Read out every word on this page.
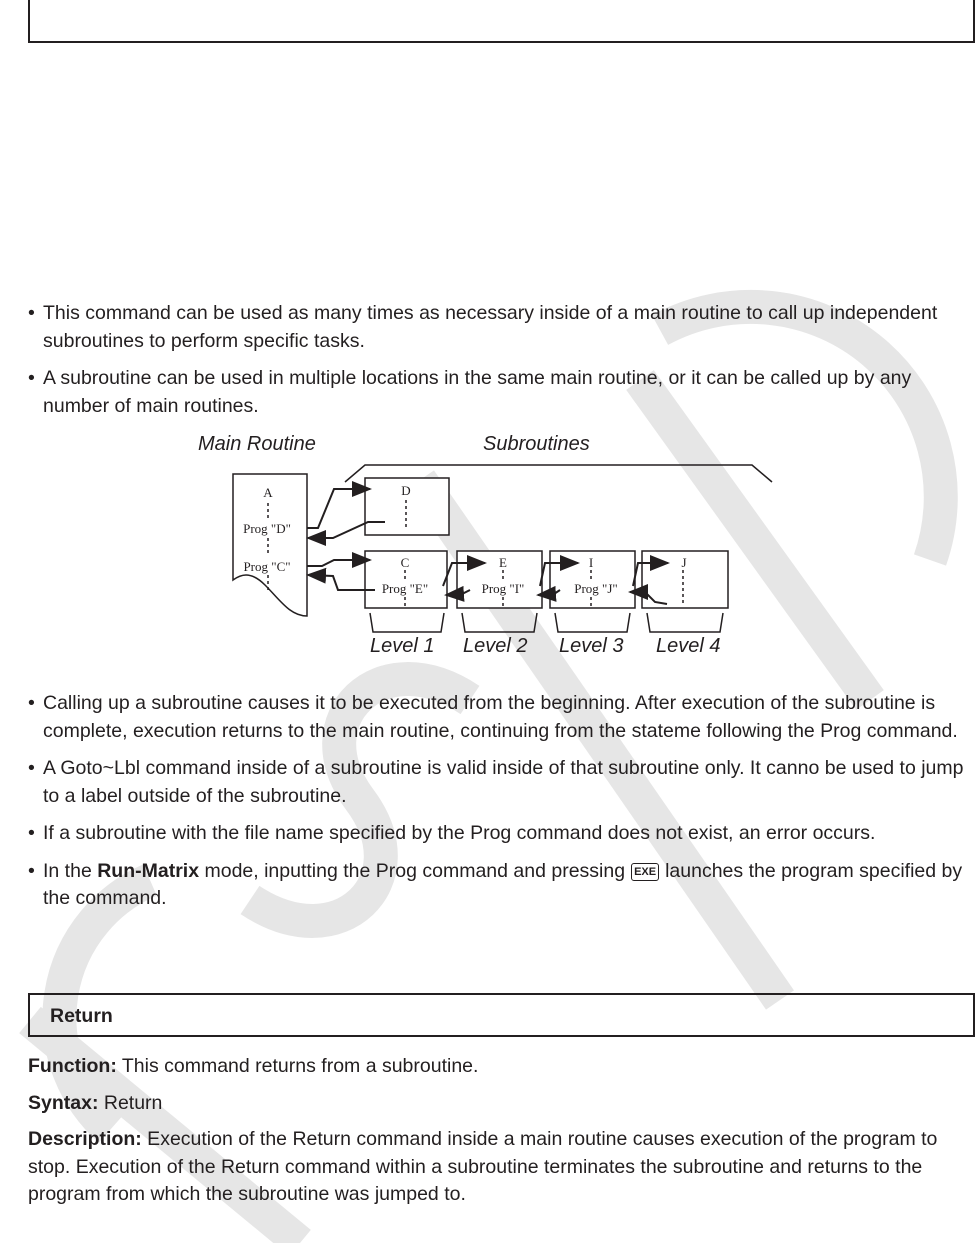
• This command can be used as many times as necessary inside of a main routine to call up independent subroutines to perform specific tasks.
• A subroutine can be used in multiple locations in the same main routine, or it can be called up by any number of main routines.
Main Routine	Subroutines
A
Prog "D"
Prog "C"
D
C
Prog "E"
E
Prog "I"
I
Prog "J"
J
Level 1 Level 2 Level 3 Level 4
• Calling up a subroutine causes it to be executed from the beginning. After execution of the subroutine is complete, execution returns to the main routine, continuing from the stateme following the Prog command.
• A Goto~Lbl command inside of a subroutine is valid inside of that subroutine only. It canno be used to jump to a label outside of the subroutine.
• If a subroutine with the file name specified by the Prog command does not exist, an error occurs.
• In the Run-Matrix mode, inputting the Prog command and pressing EXE launches the program specified by the command.
Return
Function: This command returns from a subroutine.
Syntax: Return
Description: Execution of the Return command inside a main routine causes execution of the program to stop. Execution of the Return command within a subroutine terminates the subroutine and returns to the program from which the subroutine was jumped to.
